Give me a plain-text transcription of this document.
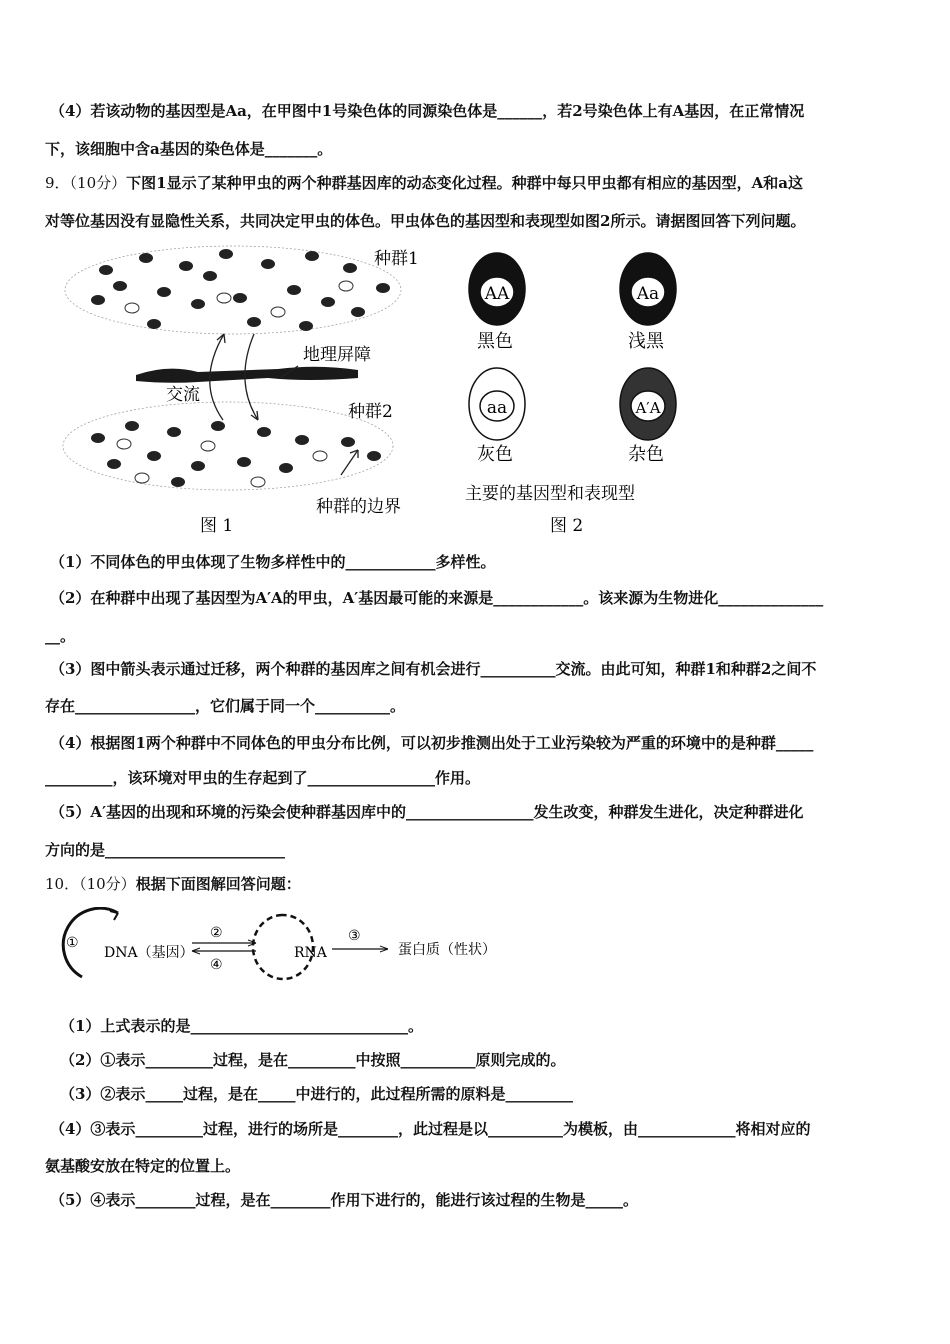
（4）若该动物的基因型是Aa，在甲图中1号染色体的同源染色体是______，若2号染色体上有A基因，在正常情况
下，该细胞中含a基因的染色体是_______。
9．（10分）下图1显示了某种甲虫的两个种群基因库的动态变化过程。种群中每只甲虫都有相应的基因型，A和a这
对等位基因没有显隐性关系，共同决定甲虫的体色。甲虫体色的基因型和表现型如图2所示。请据图回答下列问题。
种群1
地理屏障
交流
种群2
种群的边界
图 1
AA	Aa
aa	A′A
黑色	浅黑
灰色	杂色
主要的基因型和表现型
图 2
（1）不同体色的甲虫体现了生物多样性中的____________多样性。
（2）在种群中出现了基因型为A′A的甲虫，A′基因最可能的来源是____________。该来源为生物进化______________
__。
（3）图中箭头表示通过迁移，两个种群的基因库之间有机会进行__________交流。由此可知，种群1和种群2之间不
存在________________，它们属于同一个__________。
（4）根据图1两个种群中不同体色的甲虫分布比例，可以初步推测出处于工业污染较为严重的环境中的是种群_____
_________，该环境对甲虫的生存起到了_________________作用。
（5）A′基因的出现和环境的污染会使种群基因库中的_________________发生改变，种群发生进化，决定种群进化
方向的是________________________
10．（10分）根据下面图解回答问题：
①
DNA（基因）
②
④
RNA
③
蛋白质（性状）
（1）上式表示的是_____________________________。
（2）①表示_________过程，是在_________中按照__________原则完成的。
（3）②表示_____过程，是在_____中进行的，此过程所需的原料是_________
（4）③表示_________过程，进行的场所是________，此过程是以__________为模板，由_____________将相对应的
氨基酸安放在特定的位置上。
（5）④表示________过程，是在________作用下进行的，能进行该过程的生物是_____。
